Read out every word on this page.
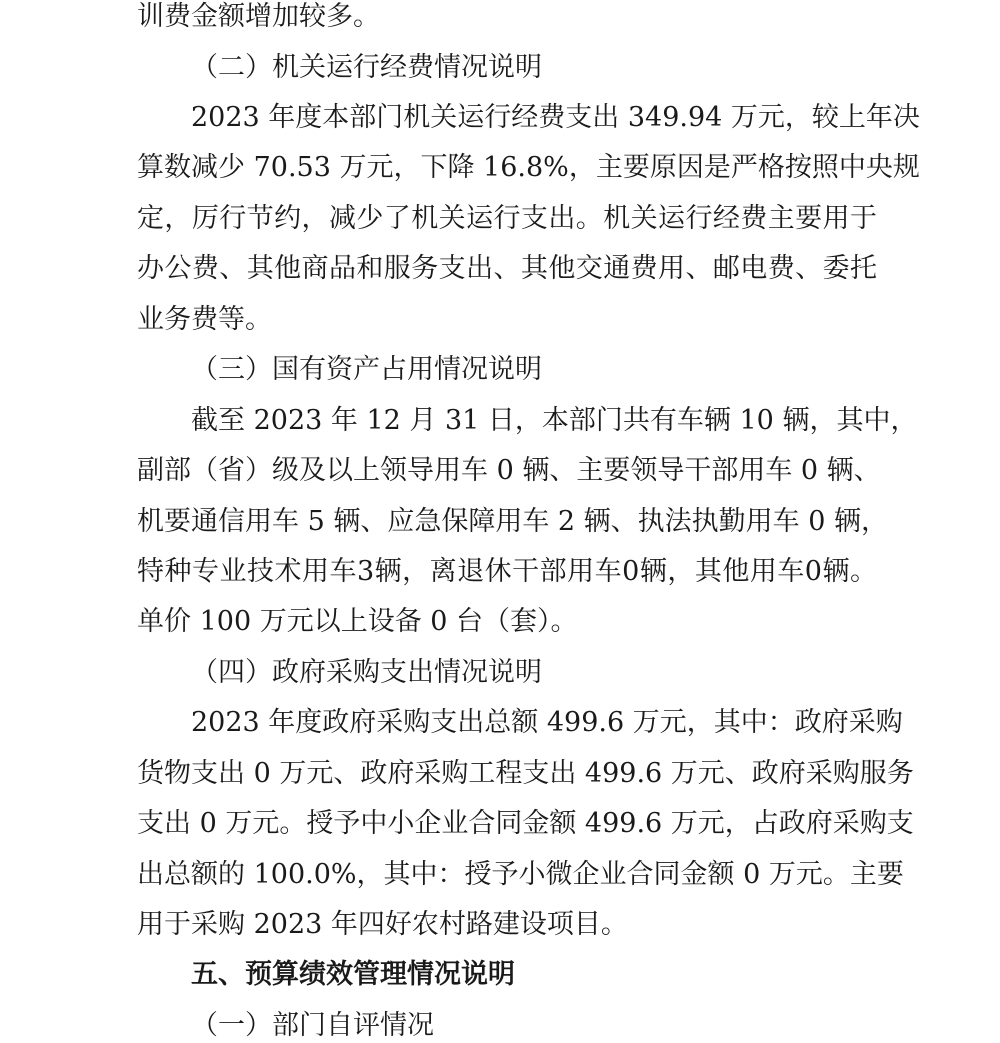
训费金额增加较多。
（二）机关运行经费情况说明
2023 年度本部门机关运行经费支出 349.94 万元，较上年决
算数减少 70.53 万元，下降 16.8%，主要原因是严格按照中央规
定，厉行节约，减少了机关运行支出。机关运行经费主要用于
办公费、其他商品和服务支出、其他交通费用、邮电费、委托
业务费等。
（三）国有资产占用情况说明
截至 2023 年 12 月 31 日，本部门共有车辆 10 辆，其中，
副部（省）级及以上领导用车 0 辆、主要领导干部用车 0 辆、
机要通信用车 5 辆、应急保障用车 2 辆、执法执勤用车 0 辆，
特种专业技术用车3辆，离退休干部用车0辆，其他用车0辆。
单价 100 万元以上设备 0 台（套）。
（四）政府采购支出情况说明
2023 年度政府采购支出总额 499.6 万元，其中：政府采购
货物支出 0 万元、政府采购工程支出 499.6 万元、政府采购服务
支出 0 万元。授予中小企业合同金额 499.6 万元，占政府采购支
出总额的 100.0%，其中：授予小微企业合同金额 0 万元。主要
用于采购 2023 年四好农村路建设项目。
五、预算绩效管理情况说明
（一）部门自评情况
